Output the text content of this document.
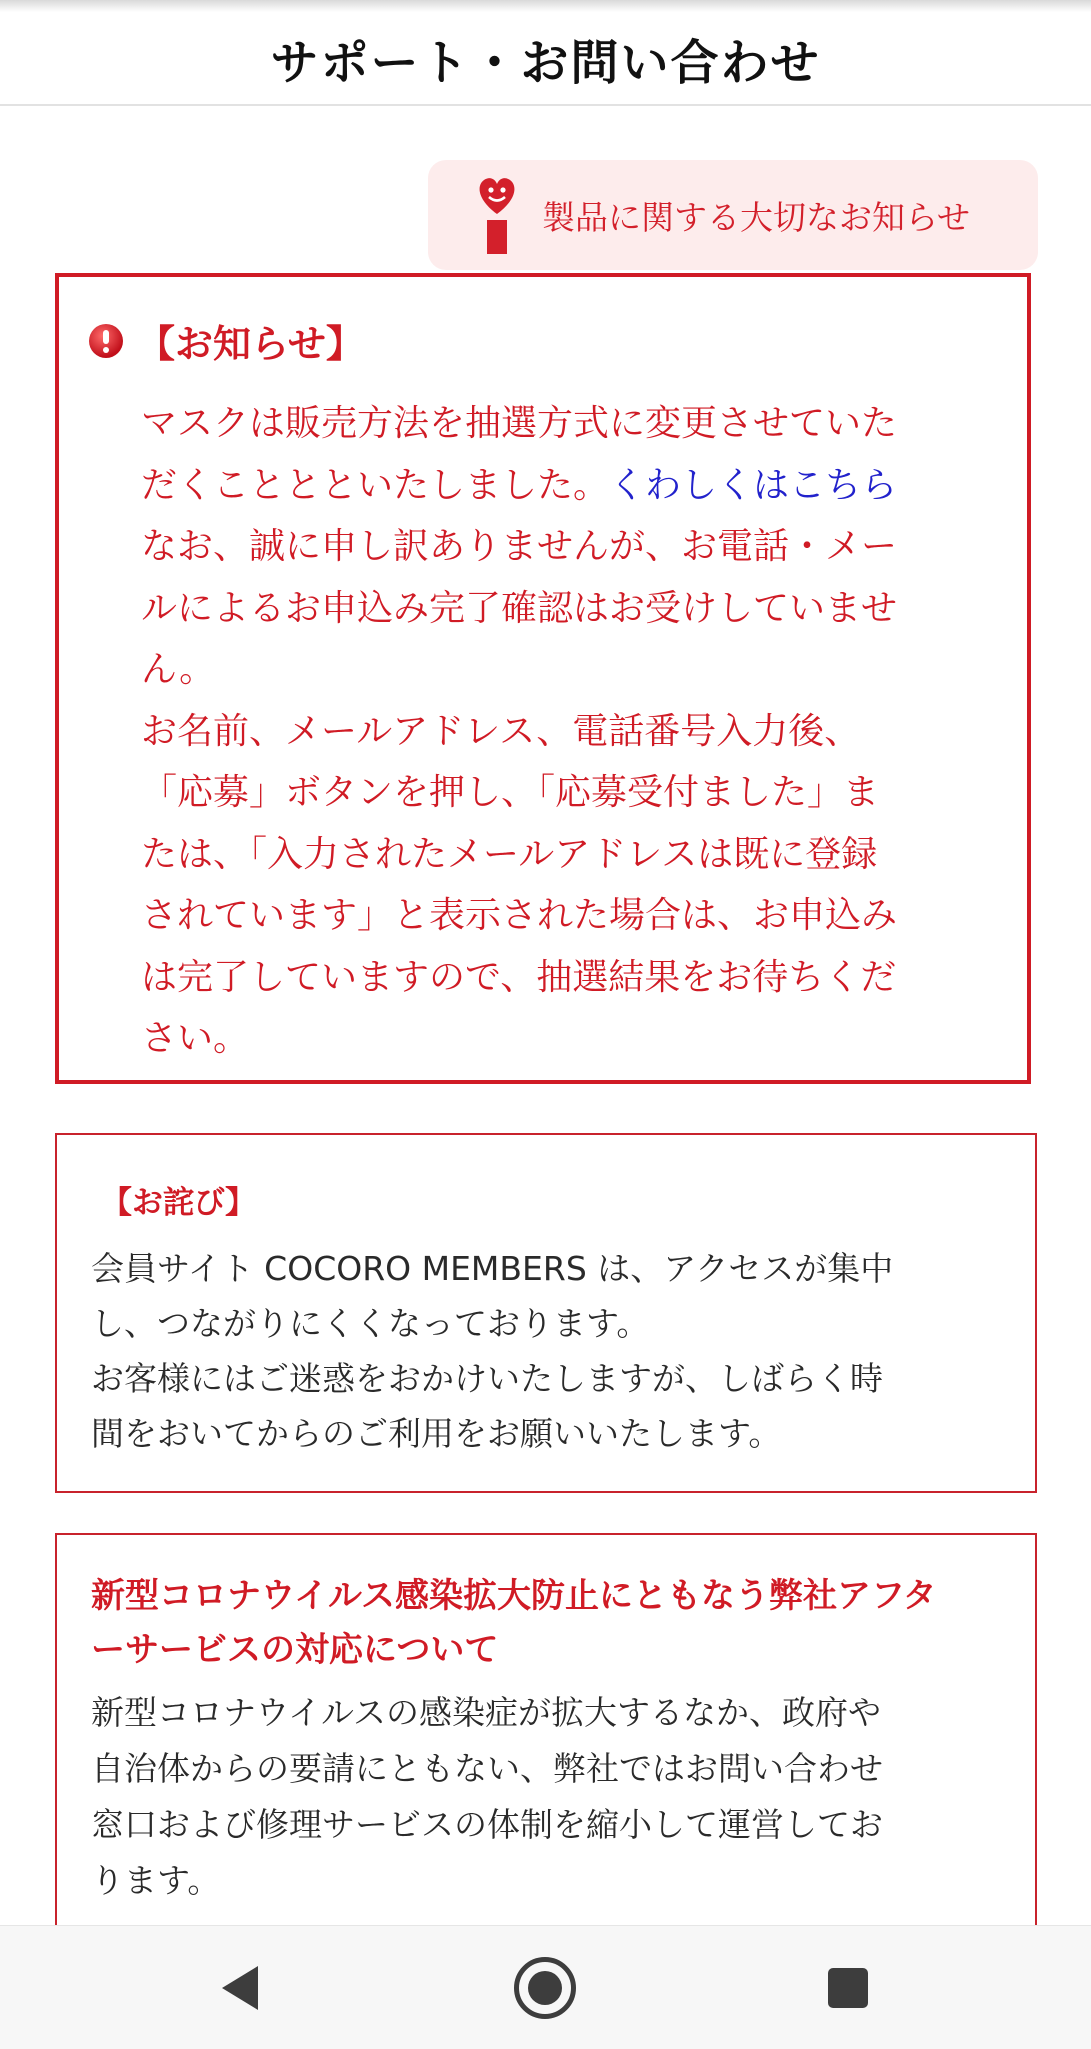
サポート・お問い合わせ
製品に関する大切なお知らせ
【お知らせ】
マスクは販売方法を抽選方式に変更させていた
だくこととといたしました。くわしくはこちら
なお、誠に申し訳ありませんが、お電話・メー
ルによるお申込み完了確認はお受けしていませ
ん。
お名前、メールアドレス、電話番号入力後、
「応募」ボタンを押し、「応募受付ました」ま
たは、「入力されたメールアドレスは既に登録
されています」と表示された場合は、お申込み
は完了していますので、抽選結果をお待ちくだ
さい。
【お詫び】
会員サイト COCORO MEMBERS は、アクセスが集中
し、つながりにくくなっております。
お客様にはご迷惑をおかけいたしますが、しばらく時
間をおいてからのご利用をお願いいたします。
新型コロナウイルス感染拡大防止にともなう弊社アフタ
ーサービスの対応について
新型コロナウイルスの感染症が拡大するなか、政府や
自治体からの要請にともない、弊社ではお問い合わせ
窓口および修理サービスの体制を縮小して運営してお
ります。
